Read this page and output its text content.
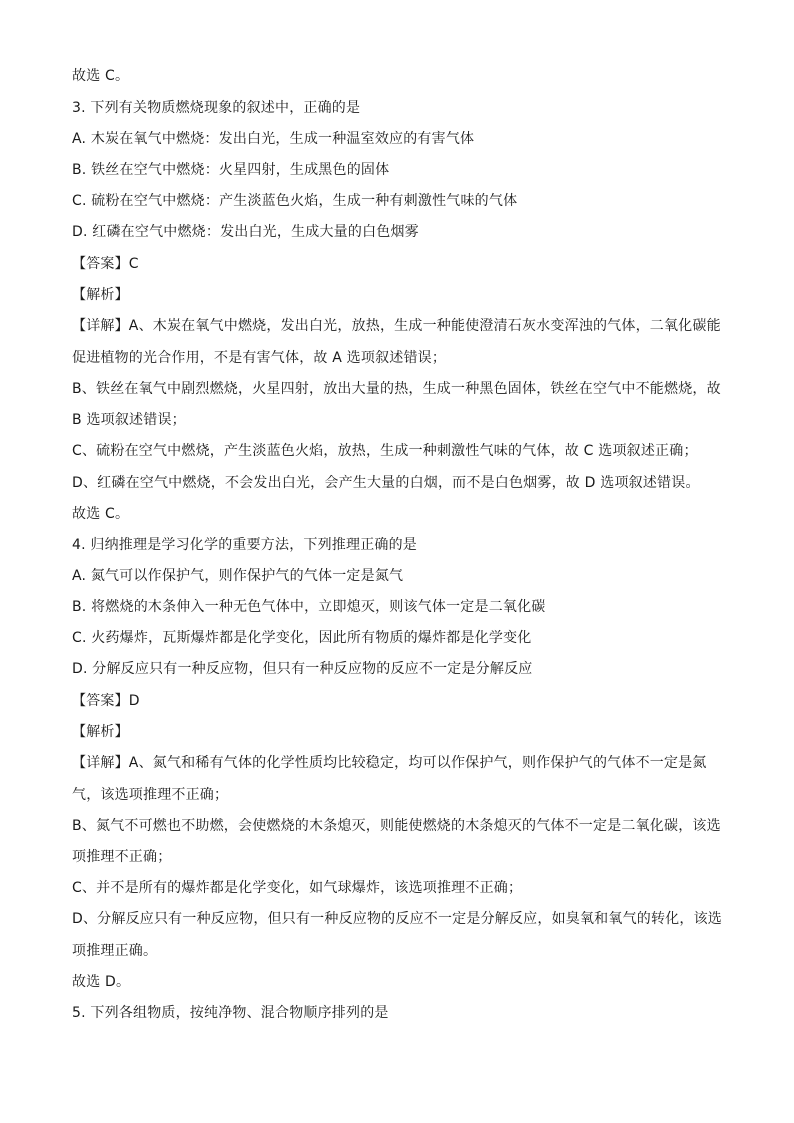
故选 C。
3. 下列有关物质燃烧现象的叙述中，正确的是
A. 木炭在氧气中燃烧：发出白光，生成一种温室效应的有害气体
B. 铁丝在空气中燃烧：火星四射，生成黑色的固体
C. 硫粉在空气中燃烧：产生淡蓝色火焰，生成一种有刺激性气味的气体
D. 红磷在空气中燃烧：发出白光，生成大量的白色烟雾
【答案】C
【解析】
【详解】A、木炭在氧气中燃烧，发出白光，放热，生成一种能使澄清石灰水变浑浊的气体，二氧化碳能
促进植物的光合作用，不是有害气体，故 A 选项叙述错误；
B、铁丝在氧气中剧烈燃烧，火星四射，放出大量的热，生成一种黑色固体，铁丝在空气中不能燃烧，故
B 选项叙述错误；
C、硫粉在空气中燃烧，产生淡蓝色火焰，放热，生成一种刺激性气味的气体，故 C 选项叙述正确；
D、红磷在空气中燃烧，不会发出白光，会产生大量的白烟，而不是白色烟雾，故 D 选项叙述错误。
故选 C。
4. 归纳推理是学习化学的重要方法，下列推理正确的是
A. 氮气可以作保护气，则作保护气的气体一定是氮气
B. 将燃烧的木条伸入一种无色气体中，立即熄灭，则该气体一定是二氧化碳
C. 火药爆炸，瓦斯爆炸都是化学变化，因此所有物质的爆炸都是化学变化
D. 分解反应只有一种反应物，但只有一种反应物的反应不一定是分解反应
【答案】D
【解析】
【详解】A、氮气和稀有气体的化学性质均比较稳定，均可以作保护气，则作保护气的气体不一定是氮
气，该选项推理不正确；
B、氮气不可燃也不助燃，会使燃烧的木条熄灭，则能使燃烧的木条熄灭的气体不一定是二氧化碳，该选
项推理不正确；
C、并不是所有的爆炸都是化学变化，如气球爆炸，该选项推理不正确；
D、分解反应只有一种反应物，但只有一种反应物的反应不一定是分解反应，如臭氧和氧气的转化，该选
项推理正确。
故选 D。
5. 下列各组物质，按纯净物、混合物顺序排列的是
